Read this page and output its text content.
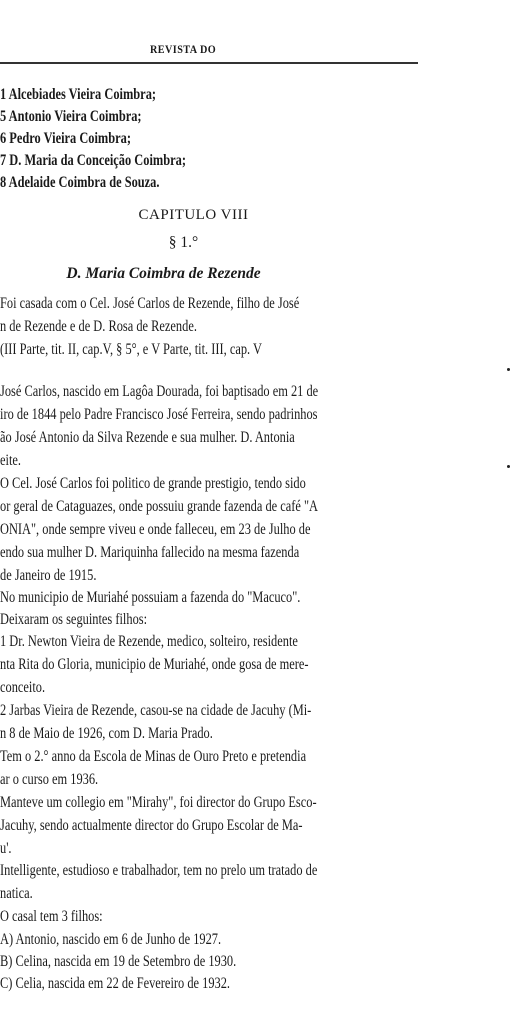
REVISTA DO
1 Alcebiades Vieira Coimbra;
5 Antonio Vieira Coimbra;
6 Pedro Vieira Coimbra;
7 D. Maria da Conceição Coimbra;
8 Adelaide Coimbra de Souza.
CAPITULO VIII
§ 1.°
D. Maria Coimbra de Rezende
Foi casada com o Cel. José Carlos de Rezende, filho de José
n de Rezende e de D. Rosa de Rezende.
(III Parte, tit. II, cap.V, § 5°, e V Parte, tit. III, cap. V
José Carlos, nascido em Lagôa Dourada, foi baptisado em 21 de
iro de 1844 pelo Padre Francisco José Ferreira, sendo padrinhos
ão José Antonio da Silva Rezende e sua mulher. D. Antonia
eite.
O Cel. José Carlos foi politico de grande prestigio, tendo sido
or geral de Cataguazes, onde possuiu grande fazenda de café "A
ONIA", onde sempre viveu e onde falleceu, em 23 de Julho de
endo sua mulher D. Mariquinha fallecido na mesma fazenda
de Janeiro de 1915.
No municipio de Muriahé possuiam a fazenda do "Macuco".
Deixaram os seguintes filhos:
1 Dr. Newton Vieira de Rezende, medico, solteiro, residente
nta Rita do Gloria, municipio de Muriahé, onde gosa de mere-
conceito.
2 Jarbas Vieira de Rezende, casou-se na cidade de Jacuhy (Mi-
n 8 de Maio de 1926, com D. Maria Prado.
Tem o 2.° anno da Escola de Minas de Ouro Preto e pretendia
ar o curso em 1936.
Manteve um collegio em "Mirahy", foi director do Grupo Esco-
Jacuhy, sendo actualmente director do Grupo Escolar de Ma-
u'.
Intelligente, estudioso e trabalhador, tem no prelo um tratado de
natica.
O casal tem 3 filhos:
A) Antonio, nascido em 6 de Junho de 1927.
B) Celina, nascida em 19 de Setembro de 1930.
C) Celia, nascida em 22 de Fevereiro de 1932.
